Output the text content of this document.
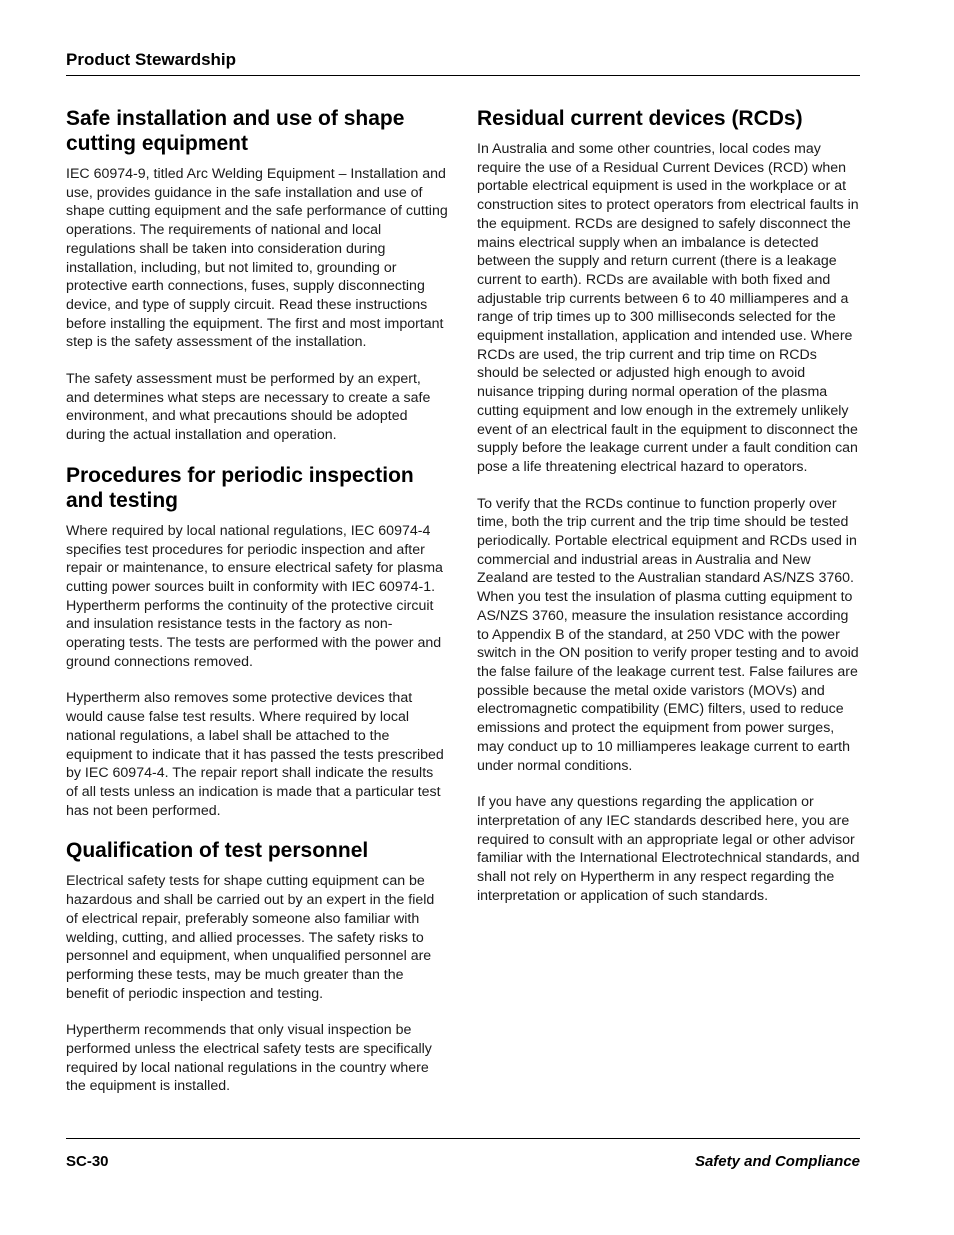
Product Stewardship
Safe installation and use of shape cutting equipment

IEC 60974-9, titled Arc Welding Equipment – Installation and use, provides guidance in the safe installation and use of shape cutting equipment and the safe performance of cutting operations. The requirements of national and local regulations shall be taken into consideration during installation, including, but not limited to, grounding or protective earth connections, fuses, supply disconnecting device, and type of supply circuit. Read these instructions before installing the equipment. The first and most important step is the safety assessment of the installation.

The safety assessment must be performed by an expert, and determines what steps are necessary to create a safe environment, and what precautions should be adopted during the actual installation and operation.

Procedures for periodic inspection and testing

Where required by local national regulations, IEC 60974-4 specifies test procedures for periodic inspection and after repair or maintenance, to ensure electrical safety for plasma cutting power sources built in conformity with IEC 60974-1. Hypertherm performs the continuity of the protective circuit and insulation resistance tests in the factory as non-operating tests. The tests are performed with the power and ground connections removed.

Hypertherm also removes some protective devices that would cause false test results. Where required by local national regulations, a label shall be attached to the equipment to indicate that it has passed the tests prescribed by IEC 60974-4. The repair report shall indicate the results of all tests unless an indication is made that a particular test has not been performed.

Qualification of test personnel

Electrical safety tests for shape cutting equipment can be hazardous and shall be carried out by an expert in the field of electrical repair, preferably someone also familiar with welding, cutting, and allied processes. The safety risks to personnel and equipment, when unqualified personnel are performing these tests, may be much greater than the benefit of periodic inspection and testing.

Hypertherm recommends that only visual inspection be performed unless the electrical safety tests are specifically required by local national regulations in the country where the equipment is installed.

Residual current devices (RCDs)

In Australia and some other countries, local codes may require the use of a Residual Current Devices (RCD) when portable electrical equipment is used in the workplace or at construction sites to protect operators from electrical faults in the equipment. RCDs are designed to safely disconnect the mains electrical supply when an imbalance is detected between the supply and return current (there is a leakage current to earth). RCDs are available with both fixed and adjustable trip currents between 6 to 40 milliamperes and a range of trip times up to 300 milliseconds selected for the equipment installation, application and intended use. Where RCDs are used, the trip current and trip time on RCDs should be selected or adjusted high enough to avoid nuisance tripping during normal operation of the plasma cutting equipment and low enough in the extremely unlikely event of an electrical fault in the equipment to disconnect the supply before the leakage current under a fault condition can pose a life threatening electrical hazard to operators.

To verify that the RCDs continue to function properly over time, both the trip current and the trip time should be tested periodically. Portable electrical equipment and RCDs used in commercial and industrial areas in Australia and New Zealand are tested to the Australian standard AS/NZS 3760. When you test the insulation of plasma cutting equipment to AS/NZS 3760, measure the insulation resistance according to Appendix B of the standard, at 250 VDC with the power switch in the ON position to verify proper testing and to avoid the false failure of the leakage current test. False failures are possible because the metal oxide varistors (MOVs) and electromagnetic compatibility (EMC) filters, used to reduce emissions and protect the equipment from power surges, may conduct up to 10 milliamperes leakage current to earth under normal conditions.

If you have any questions regarding the application or interpretation of any IEC standards described here, you are required to consult with an appropriate legal or other advisor familiar with the International Electrotechnical standards, and shall not rely on Hypertherm in any respect regarding the interpretation or application of such standards.

SC-30	Safety and Compliance
